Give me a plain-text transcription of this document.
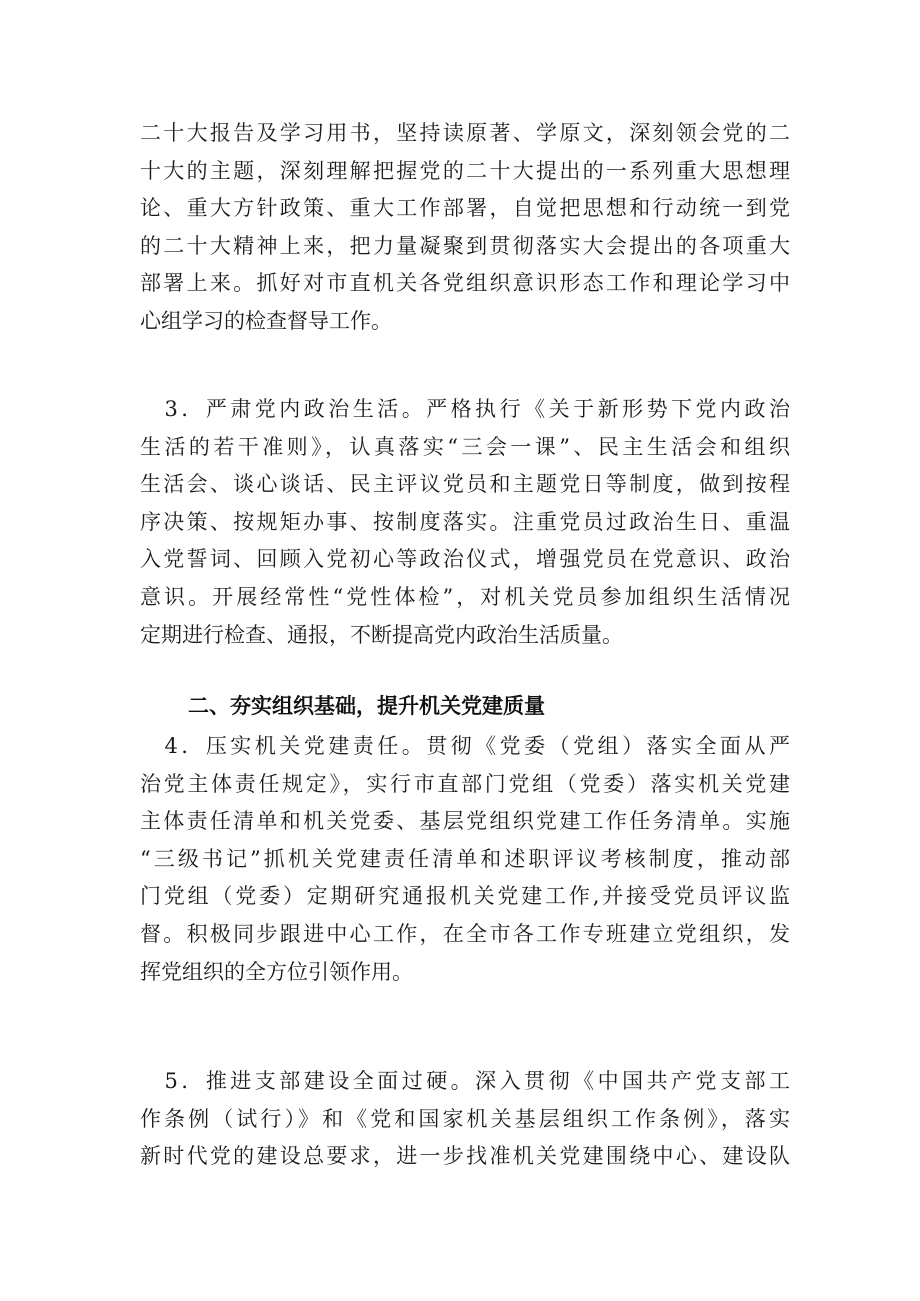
二十大报告及学习用书，坚持读原著、学原文，深刻领会党的二
十大的主题，深刻理解把握党的二十大提出的一系列重大思想理
论、重大方针政策、重大工作部署，自觉把思想和行动统一到党
的二十大精神上来，把力量凝聚到贯彻落实大会提出的各项重大
部署上来。抓好对市直机关各党组织意识形态工作和理论学习中
心组学习的检查督导工作。
　3．严肃党内政治生活。严格执行《关于新形势下党内政治
生活的若干准则》，认真落实“三会一课”、民主生活会和组织
生活会、谈心谈话、民主评议党员和主题党日等制度，做到按程
序决策、按规矩办事、按制度落实。注重党员过政治生日、重温
入党誓词、回顾入党初心等政治仪式，增强党员在党意识、政治
意识。开展经常性“党性体检”，对机关党员参加组织生活情况
定期进行检查、通报，不断提高党内政治生活质量。
二、夯实组织基础，提升机关党建质量
　4．压实机关党建责任。贯彻《党委（党组）落实全面从严
治党主体责任规定》，实行市直部门党组（党委）落实机关党建
主体责任清单和机关党委、基层党组织党建工作任务清单。实施
“三级书记”抓机关党建责任清单和述职评议考核制度，推动部
门党组（党委）定期研究通报机关党建工作,并接受党员评议监
督。积极同步跟进中心工作，在全市各工作专班建立党组织，发
挥党组织的全方位引领作用。
　5．推进支部建设全面过硬。深入贯彻《中国共产党支部工
作条例（试行）》和《党和国家机关基层组织工作条例》，落实
新时代党的建设总要求，进一步找准机关党建围绕中心、建设队
